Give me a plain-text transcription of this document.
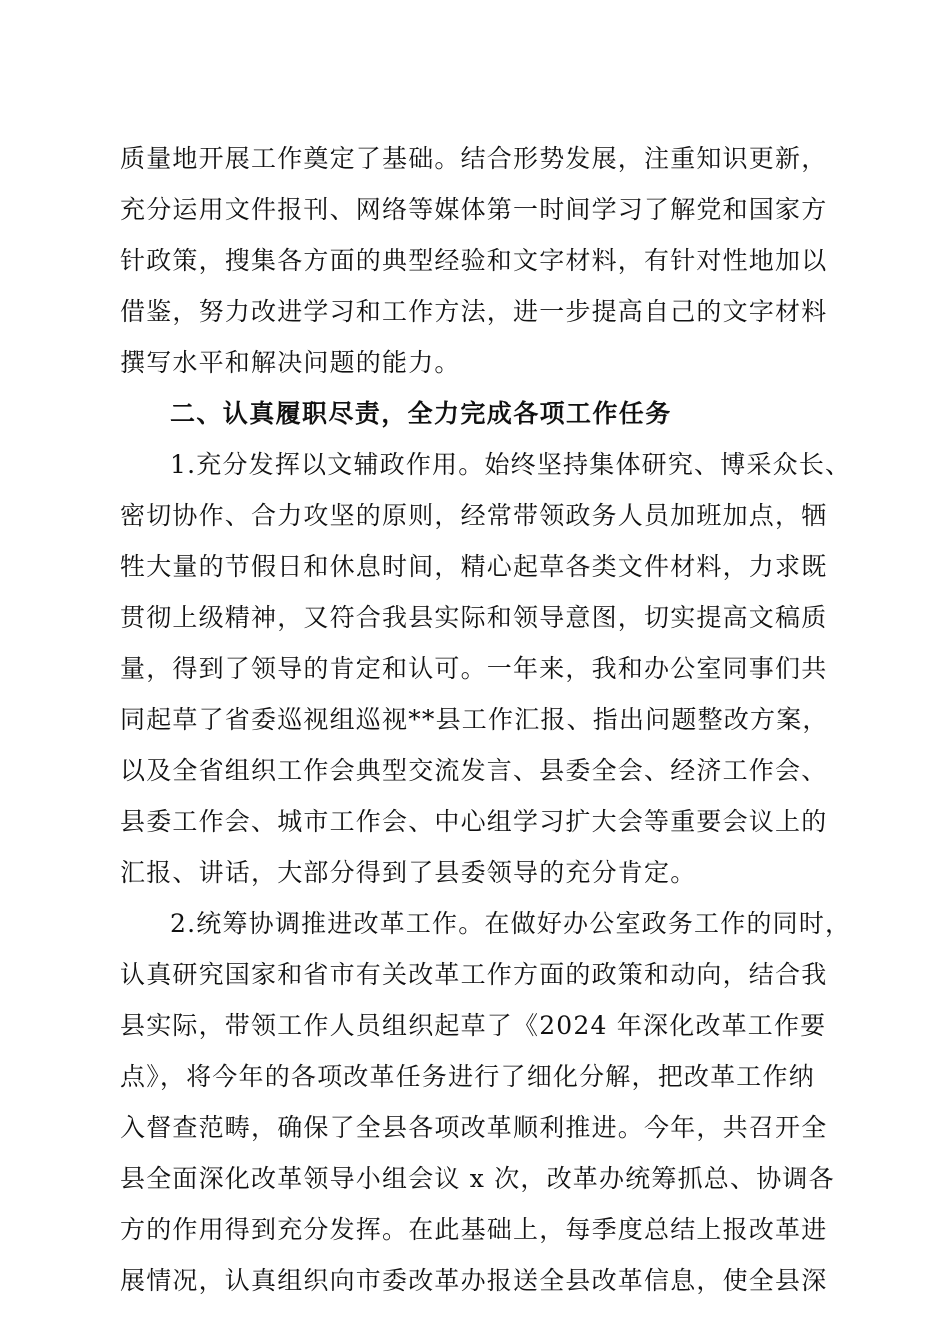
质量地开展工作奠定了基础。结合形势发展，注重知识更新，
充分运用文件报刊、网络等媒体第一时间学习了解党和国家方
针政策，搜集各方面的典型经验和文字材料，有针对性地加以
借鉴，努力改进学习和工作方法，进一步提高自己的文字材料
撰写水平和解决问题的能力。
二、认真履职尽责，全力完成各项工作任务
1.充分发挥以文辅政作用。始终坚持集体研究、博采众长、
密切协作、合力攻坚的原则，经常带领政务人员加班加点，牺
牲大量的节假日和休息时间，精心起草各类文件材料，力求既
贯彻上级精神，又符合我县实际和领导意图，切实提高文稿质
量，得到了领导的肯定和认可。一年来，我和办公室同事们共
同起草了省委巡视组巡视**县工作汇报、指出问题整改方案，
以及全省组织工作会典型交流发言、县委全会、经济工作会、
县委工作会、城市工作会、中心组学习扩大会等重要会议上的
汇报、讲话，大部分得到了县委领导的充分肯定。
2.统筹协调推进改革工作。在做好办公室政务工作的同时，
认真研究国家和省市有关改革工作方面的政策和动向，结合我
县实际，带领工作人员组织起草了《2024 年深化改革工作要
点》，将今年的各项改革任务进行了细化分解，把改革工作纳
入督查范畴，确保了全县各项改革顺利推进。今年，共召开全
县全面深化改革领导小组会议 x 次，改革办统筹抓总、协调各
方的作用得到充分发挥。在此基础上，每季度总结上报改革进
展情况，认真组织向市委改革办报送全县改革信息，使全县深
